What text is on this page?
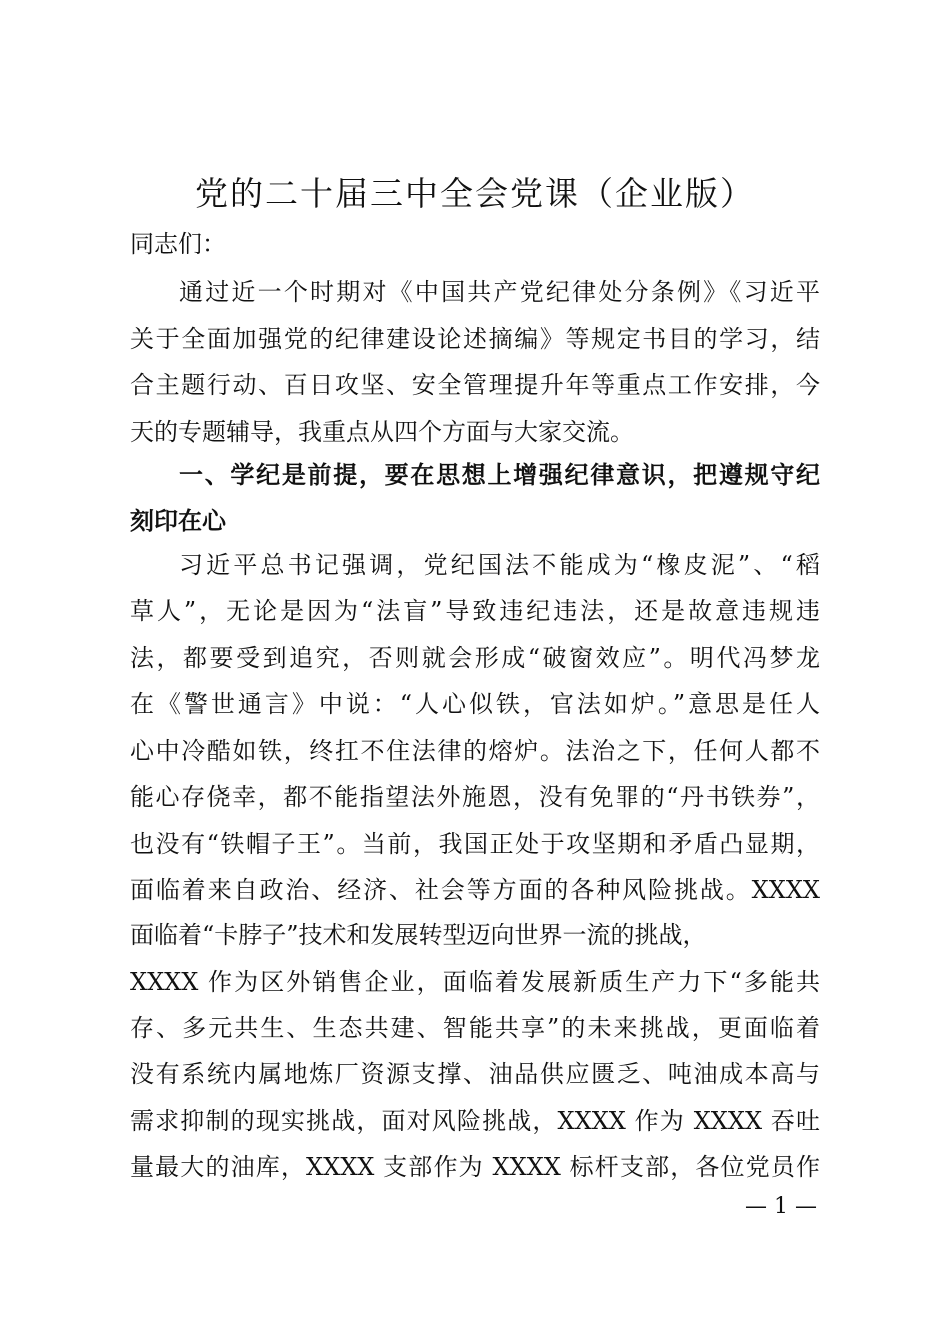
党的二十届三中全会党课（企业版）

同志们：

通过近一个时期对《中国共产党纪律处分条例》《习近平

关于全面加强党的纪律建设论述摘编》等规定书目的学习，结

合主题行动、百日攻坚、安全管理提升年等重点工作安排，今

天的专题辅导，我重点从四个方面与大家交流。

一、学纪是前提，要在思想上增强纪律意识，把遵规守纪

刻印在心

习近平总书记强调，党纪国法不能成为“橡皮泥”、“稻

草人”，无论是因为“法盲”导致违纪违法，还是故意违规违

法，都要受到追究，否则就会形成“破窗效应”。明代冯梦龙

在《警世通言》中说：“人心似铁，官法如炉。”意思是任人

心中冷酷如铁，终扛不住法律的熔炉。法治之下，任何人都不

能心存侥幸，都不能指望法外施恩，没有免罪的“丹书铁券”，

也没有“铁帽子王”。当前，我国正处于攻坚期和矛盾凸显期，

面临着来自政治、经济、社会等方面的各种风险挑战。XXXX

面临着“卡脖子”技术和发展转型迈向世界一流的挑战，

XXXX 作为区外销售企业，面临着发展新质生产力下“多能共

存、多元共生、生态共建、智能共享”的未来挑战，更面临着

没有系统内属地炼厂资源支撑、油品供应匮乏、吨油成本高与

需求抑制的现实挑战，面对风险挑战，XXXX 作为 XXXX 吞吐

量最大的油库，XXXX 支部作为 XXXX 标杆支部，各位党员作

— 1 —
